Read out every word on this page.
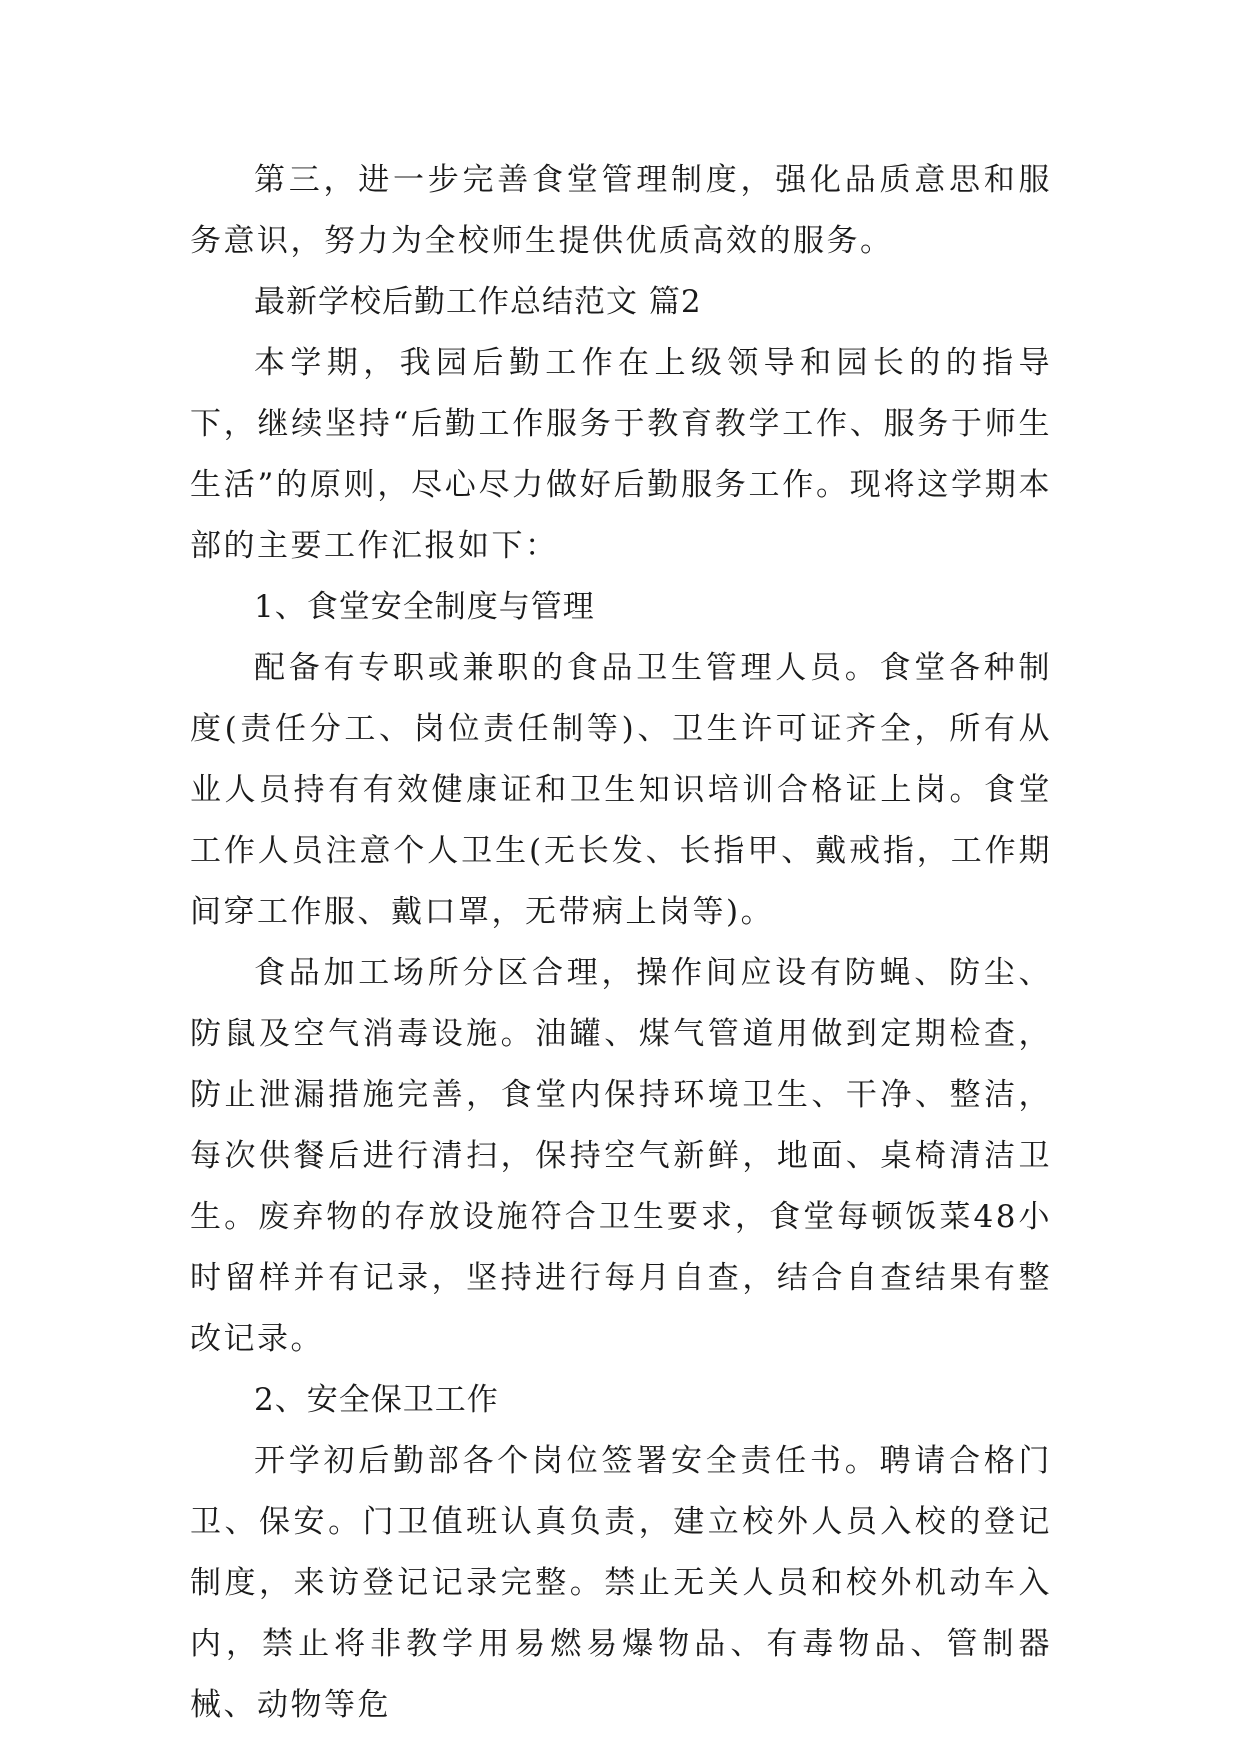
第三，进一步完善食堂管理制度，强化品质意思和服务意识，努力为全校师生提供优质高效的服务。

最新学校后勤工作总结范文 篇2

本学期，我园后勤工作在上级领导和园长的的指导下，继续坚持“后勤工作服务于教育教学工作、服务于师生生活”的原则，尽心尽力做好后勤服务工作。现将这学期本部的主要工作汇报如下：

1、食堂安全制度与管理

配备有专职或兼职的食品卫生管理人员。食堂各种制度(责任分工、岗位责任制等)、卫生许可证齐全，所有从业人员持有有效健康证和卫生知识培训合格证上岗。食堂工作人员注意个人卫生(无长发、长指甲、戴戒指，工作期间穿工作服、戴口罩，无带病上岗等)。

食品加工场所分区合理，操作间应设有防蝇、防尘、防鼠及空气消毒设施。油罐、煤气管道用做到定期检查，防止泄漏措施完善，食堂内保持环境卫生、干净、整洁，每次供餐后进行清扫，保持空气新鲜，地面、桌椅清洁卫生。废弃物的存放设施符合卫生要求，食堂每顿饭菜48小时留样并有记录，坚持进行每月自查，结合自查结果有整改记录。

2、安全保卫工作

开学初后勤部各个岗位签署安全责任书。聘请合格门卫、保安。门卫值班认真负责，建立校外人员入校的登记制度，来访登记记录完整。禁止无关人员和校外机动车入内，禁止将非教学用易燃易爆物品、有毒物品、管制器械、动物等危
